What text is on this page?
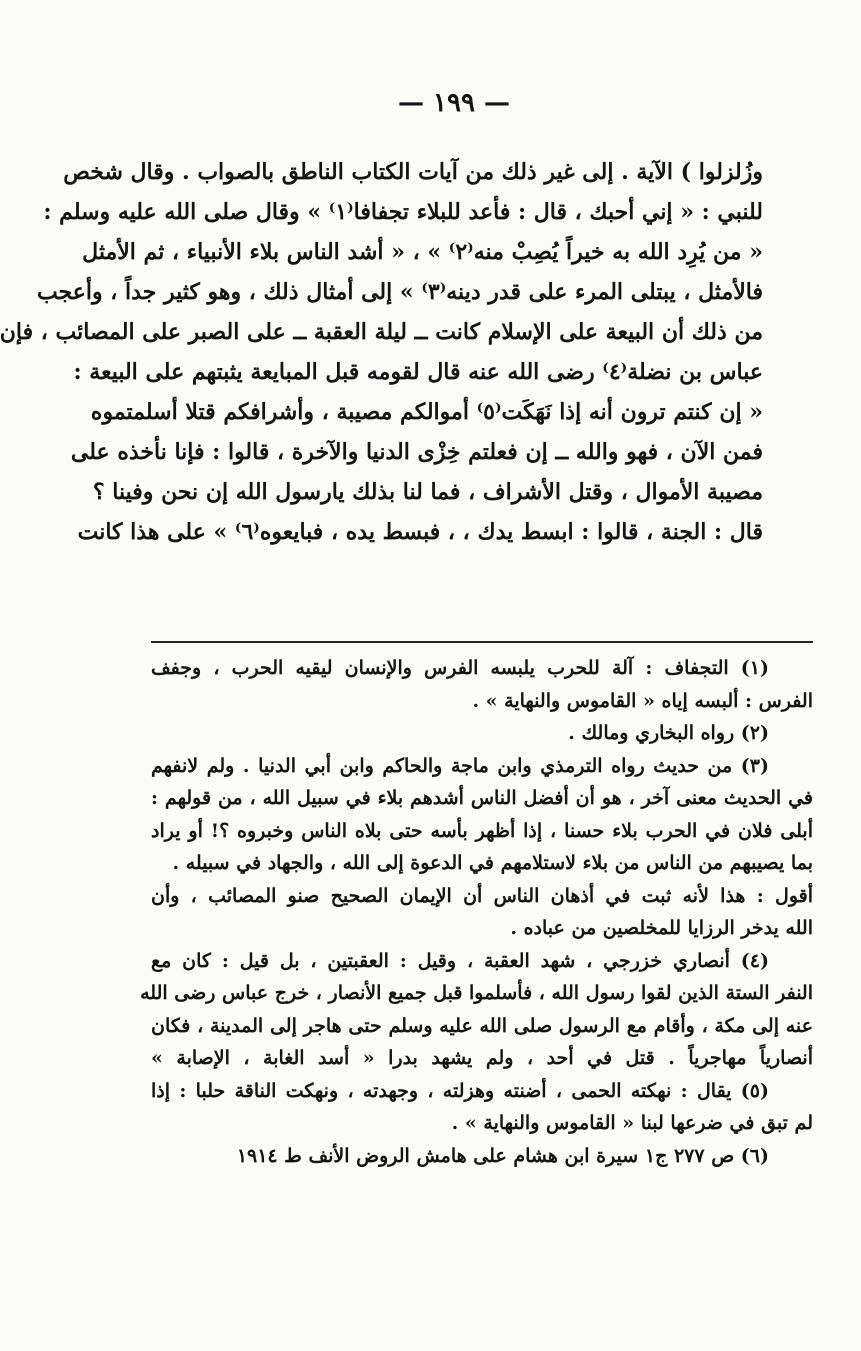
— ١٩٩ —
وزُلزلوا ) الآية . إلى غير ذلك من آيات الكتاب الناطق بالصواب . وقال شخص
للنبي : « إني أحبك ، قال : فأعد للبلاء تجفافا⁽١⁾ » وقال صلى الله عليه وسلم :
« من يُرِد الله به خيراً يُصِبْ منه⁽٢⁾ » ، « أشد الناس بلاء الأنبياء ، ثم الأمثل
فالأمثل ، يبتلى المرء على قدر دينه⁽٣⁾ » إلى أمثال ذلك ، وهو كثير جداً ، وأعجب
من ذلك أن البيعة على الإسلام كانت ــ ليلة العقبة ــ على الصبر على المصائب ، فإن
عباس بن نضلة⁽٤⁾ رضى الله عنه قال لقومه قبل المبايعة يثبتهم على البيعة :
« إن كنتم ترون أنه إذا نَهَكَت⁽٥⁾ أموالكم مصيبة ، وأشرافكم قتلا أسلمتموه
فمن الآن ، فهو والله ــ إن فعلتم خِزْى الدنيا والآخرة ، قالوا : فإنا نأخذه على
مصيبة الأموال ، وقتل الأشراف ، فما لنا بذلك يارسول الله إن نحن وفينا ؟
قال : الجنة ، قالوا : ابسط يدك ، ، فبسط يده ، فبايعوه⁽٦⁾ » على هذا كانت
(١) التجفاف : آلة للحرب يلبسه الفرس والإنسان ليقيه الحرب ، وجفف
الفرس : ألبسه إياه « القاموس والنهاية » .
(٢) رواه البخاري ومالك .
(٣) من حديث رواه الترمذي وابن ماجة والحاكم وابن أبي الدنيا . ولم لانفهم
في الحديث معنى آخر ، هو أن أفضل الناس أشدهم بلاء في سبيل الله ، من قولهم :
أبلى فلان في الحرب بلاء حسنا ، إذا أظهر بأسه حتى بلاه الناس وخبروه ؟! أو يراد
بما يصيبهم من الناس من بلاء لاستلامهم في الدعوة إلى الله ، والجهاد في سبيله .
أقول : هذا لأنه ثبت في أذهان الناس أن الإيمان الصحيح صنو المصائب ، وأن
الله يدخر الرزايا للمخلصين من عباده .
(٤) أنصاري خزرجي ، شهد العقبة ، وقيل : العقبتين ، بل قيل : كان مع
النفر الستة الذين لقوا رسول الله ، فأسلموا قبل جميع الأنصار ، خرج عباس رضى الله
عنه إلى مكة ، وأقام مع الرسول صلى الله عليه وسلم حتى هاجر إلى المدينة ، فكان
أنصارياً مهاجرياً . قتل في أحد ، ولم يشهد بدرا « أسد الغابة ، الإصابة »
(٥) يقال : نهكته الحمى ، أضنته وهزلته ، وجهدته ، ونهكت الناقة حلبا : إذا
لم تبق في ضرعها لبنا « القاموس والنهاية » .
(٦) ص ٢٧٧ ج١ سيرة ابن هشام على هامش الروض الأنف ط ١٩١٤
